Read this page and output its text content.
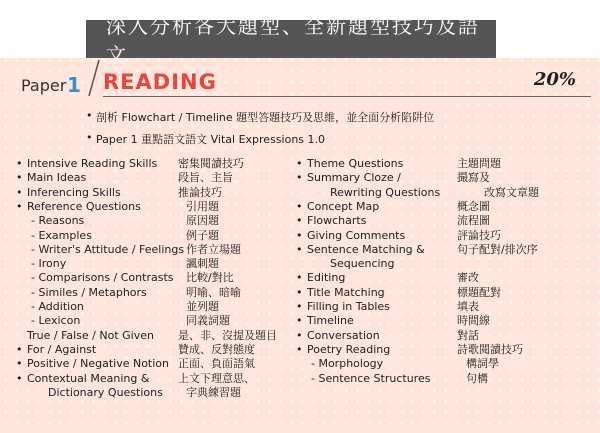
深入分析各大題型、全新題型技巧及語文
Paper 1 READING	20%
• 剖析 Flowchart / Timeline 題型答題技巧及思維，並全面分析陷阱位
• Paper 1 重點語文語文 Vital Expressions 1.0
• Intensive Reading Skills 密集閱讀技巧
• Main Ideas	段旨、主旨
• Inferencing Skills	推論技巧
• Reference Questions	引用題
- Reasons	原因題
- Examples	例子題
- Writer's Attitude / Feelings 作者立場題
- Irony	諷刺題
- Comparisons / Contrasts 比較/對比
- Similes / Metaphors	明喻、暗喻
- Addition	並列題
- Lexicon	同義詞題
True / False / Not Given 是、非、沒提及題目
• For / Against	贊成、反對態度
• Positive / Negative Notion 正面、負面語氣
• Contextual Meaning &	上文下理意思、
Dictionary Questions 字典練習題
• Theme Questions	主題問題
• Summary Cloze /	撮寫及
Rewriting Questions	改寫文章題
• Concept Map	概念圖
• Flowcharts	流程圖
• Giving Comments	評論技巧
• Sentence Matching &	句子配對/排次序
Sequencing
• Editing	審改
• Title Matching	標題配對
• Filling in Tables	填表
• Timeline	時間線
• Conversation	對話
• Poetry Reading	詩歌閱讀技巧
- Morphology	構詞學
- Sentence Structures	句構
